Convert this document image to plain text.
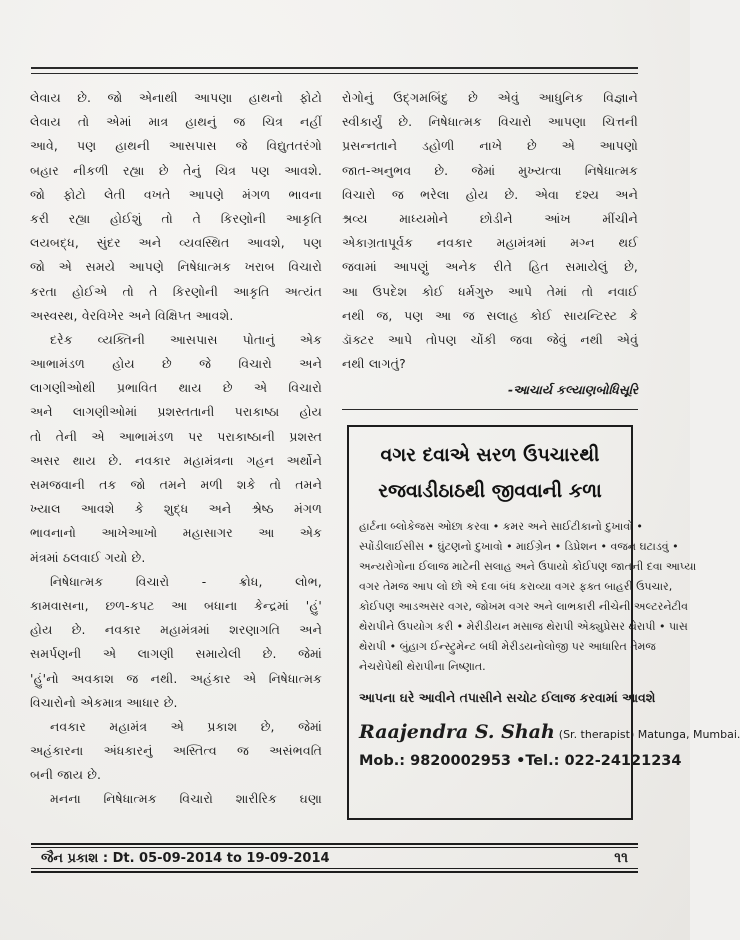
લેવાય છે. જો એનાથી આપણા હાથનો ફોટો
લેવાય તો એમાં માત્ર હાથનું જ ચિત્ર નહીં
આવે, પણ હાથની આસપાસ જે વિદ્યુતતરંગો
બહાર નીકળી રહ્યા છે તેનું ચિત્ર પણ આવશે.
જો ફોટો લેતી વખતે આપણે મંગળ ભાવના
કરી રહ્યા હોઈશું તો તે કિરણોની આકૃતિ
લયબદ્ધ, સુંદર અને વ્યવસ્થિત આવશે, પણ
જો એ સમયે આપણે નિષેધાત્મક ખરાબ વિચારો
કરતા હોઈએ તો તે કિરણોની આકૃતિ અત્યંત
અસ્વસ્થ, વેરવિખેર અને વિક્ષિપ્ત આવશે.
દરેક વ્યક્તિની આસપાસ પોતાનું એક
આભામંડળ હોય છે જે વિચારો અને
લાગણીઓથી પ્રભાવિત થાય છે એ વિચારો
અને લાગણીઓમાં પ્રશસ્તતાની પરાકાષ્ઠા હોય
તો તેની એ આભામંડળ પર પરાકાષ્ઠાની પ્રશસ્ત
અસર થાય છે. નવકાર મહામંત્રના ગહન અર્થોને
સમજવાની તક જો તમને મળી શકે તો તમને
ખ્યાલ આવશે કે શુદ્ધ અને શ્રેષ્ઠ મંગળ
ભાવનાનો આખેઆખો મહાસાગર આ એક
મંત્રમાં ઠલવાઈ ગયો છે.
નિષેધાત્મક વિચારો - ક્રોધ, લોભ,
કામવાસના, છળ-કપટ આ બધાના કેન્દ્રમાં 'હું'
હોય છે. નવકાર મહામંત્રમાં શરણાગતિ અને
સમર્પણની એ લાગણી સમાયેલી છે. જેમાં
'હું'નો અવકાશ જ નથી. અહંકાર એ નિષેધાત્મક
વિચારોનો એકમાત્ર આધાર છે.
નવકાર મહામંત્ર એ પ્રકાશ છે, જેમાં
અહંકારના અંધકારનું અસ્તિત્વ જ અસંભવતિ
બની જાય છે.
મનના નિષેધાત્મક વિચારો શારીરિક ઘણા
રોગોનું ઉદ્ગમબિંદુ છે એવું આધુનિક વિજ્ઞાને
સ્વીકાર્યું છે. નિષેધાત્મક વિચારો આપણા ચિત્તની
પ્રસન્નતાને ડહોળી નાખે છે એ આપણો
જાત-અનુભવ છે. જેમાં મુખ્યત્વા નિષેધાત્મક
વિચારો જ ભરેલા હોય છે. એવા દશ્ય અને
શ્રવ્ય માધ્યમોને છોડીને આંખ મીંચીને
એકાગ્રતાપૂર્વક નવકાર મહામંત્રમાં મગ્ન થઈ
જવામાં આપણું અનેક રીતે હિત સમાયેલું છે,
આ ઉપદેશ કોઈ ધર્મગુરુ આપે તેમાં તો નવાઈ
નથી જ, પણ આ જ સલાહ કોઈ સાયન્ટિસ્ટ કે
ડૉક્ટર આપે તોપણ ચોંકી જવા જેવું નથી એવું
નથી લાગતું?
-આચાર્ય કલ્યાણબોધિસૂરિ
વગર દવાએ સરળ ઉપચારથી
રજવાડીઠાઠથી જીવવાની કળા
હાર્ટના બ્લોકેજસ ઓછા કરવા • કમર અને સાઈટીકાનો દુખાવો •
સ્પોંડીલાઈસીસ • ઘુંટણનો દુખાવો • માઈગ્રેન • ડિપ્રેશન • વજન ઘટાડવું •
અન્યરોગોના ઈલાજ માટેની સલાહ અને ઉપાયો કોઈપણ જાતની દવા આપ્યા
વગર તેમજ આપ લો છો એ દવા બંધ કરાવ્યા વગર ફક્ત બાહરી ઉપચાર,
કોઈપણ આડઅસર વગર, જોખમ વગર અને લાભકારી નીચેની અલ્ટરનેટીવ
થેરાપીને ઉપયોગ કરી • મેરીડીયન મસાજ થેરાપી એક્યુપ્રેસર થેરાપી • પાસ
થેરાપી • બુંહાગ ઈન્સ્ટ્રુમેન્ટ બધી મેરીડયનોલોજી પર આધારિત તેમજ
નેચરોપેથી થેરાપીના નિષ્ણાત.
આપના ઘરે આવીને તપાસીને સચોટ ઈલાજ કરવામાં આવશે
Raajendra S. Shah (Sr. therapist) Matunga, Mumbai.
Mob.: 9820002953 •Tel.: 022-24121234
જૈન પ્રકાશ : Dt. 05-09-2014 to 19-09-2014	૧૧
